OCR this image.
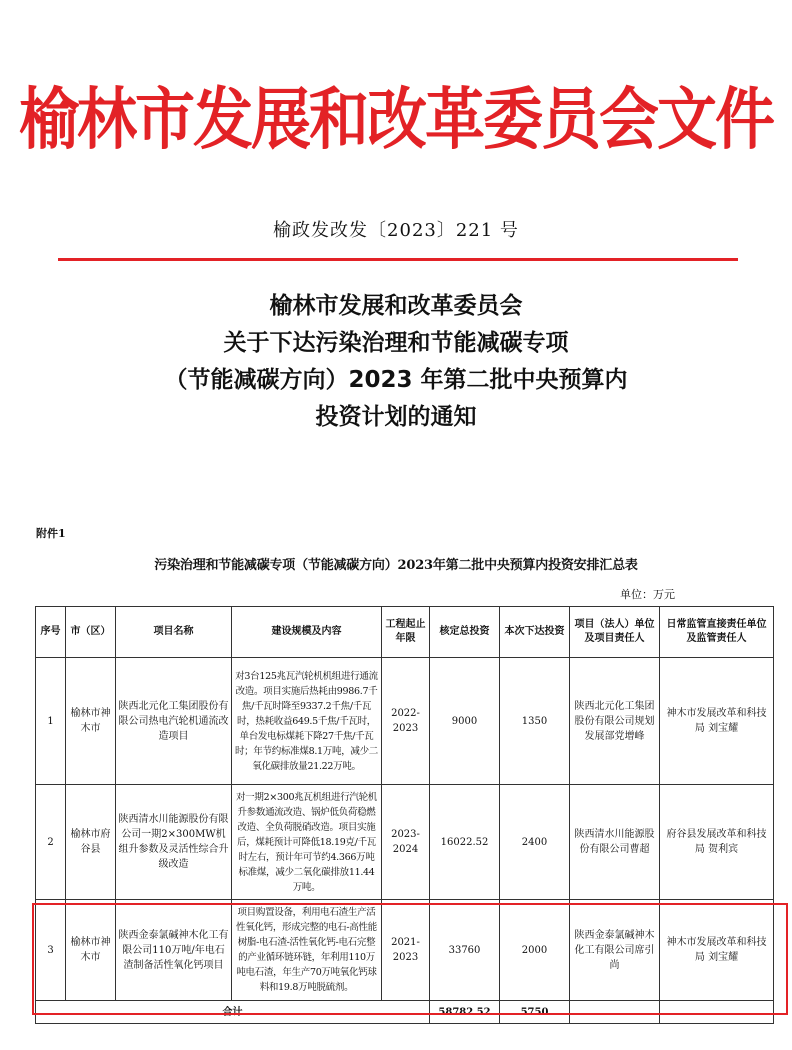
榆林市发展和改革委员会文件
榆政发改发〔2023〕221 号
榆林市发展和改革委员会
关于下达污染治理和节能减碳专项
（节能减碳方向）2023 年第二批中央预算内
投资计划的通知
附件1
污染治理和节能减碳专项（节能减碳方向）2023年第二批中央预算内投资安排汇总表
单位：万元
序号	市（区）	项目名称	建设规模及内容	工程起止年限	核定总投资	本次下达投资	项目（法人）单位及项目责任人	日常监管直接责任单位及监管责任人
1	榆林市神木市	陕西北元化工集团股份有限公司热电汽轮机通流改造项目	对3台125兆瓦汽轮机机组进行通流改造。项目实施后热耗由9986.7千焦/千瓦时降至9337.2千焦/千瓦时，热耗收益649.5千焦/千瓦时，单台发电标煤耗下降27千焦/千瓦时；年节约标准煤8.1万吨，减少二氧化碳排放量21.22万吨。	2022-2023	9000	1350	陕西北元化工集团股份有限公司规划发展部党增峰	神木市发展改革和科技局 刘宝耀
2	榆林市府谷县	陕西清水川能源股份有限公司一期2×300MW机组升参数及灵活性综合升级改造	对一期2×300兆瓦机组进行汽轮机升参数通流改造、锅炉低负荷稳燃改造、全负荷脱硝改造。项目实施后，煤耗预计可降低18.19克/千瓦时左右，预计年可节约4.366万吨标准煤，减少二氧化碳排放11.44万吨。	2023-2024	16022.52	2400	陕西清水川能源股份有限公司曹超	府谷县发展改革和科技局 贺利宾
3	榆林市神木市	陕西金泰氯碱神木化工有限公司110万吨/年电石渣制备活性氧化钙项目	项目购置设备，利用电石渣生产活性氧化钙，形成完整的电石-高性能树脂-电石渣-活性氧化钙-电石完整的产业循环链环链，年利用110万吨电石渣，年生产70万吨氧化钙球料和19.8万吨脱硫剂。	2021-2023	33760	2000	陕西金泰氯碱神木化工有限公司席引尚	神木市发展改革和科技局 刘宝耀
合计					58782.52	5750		
